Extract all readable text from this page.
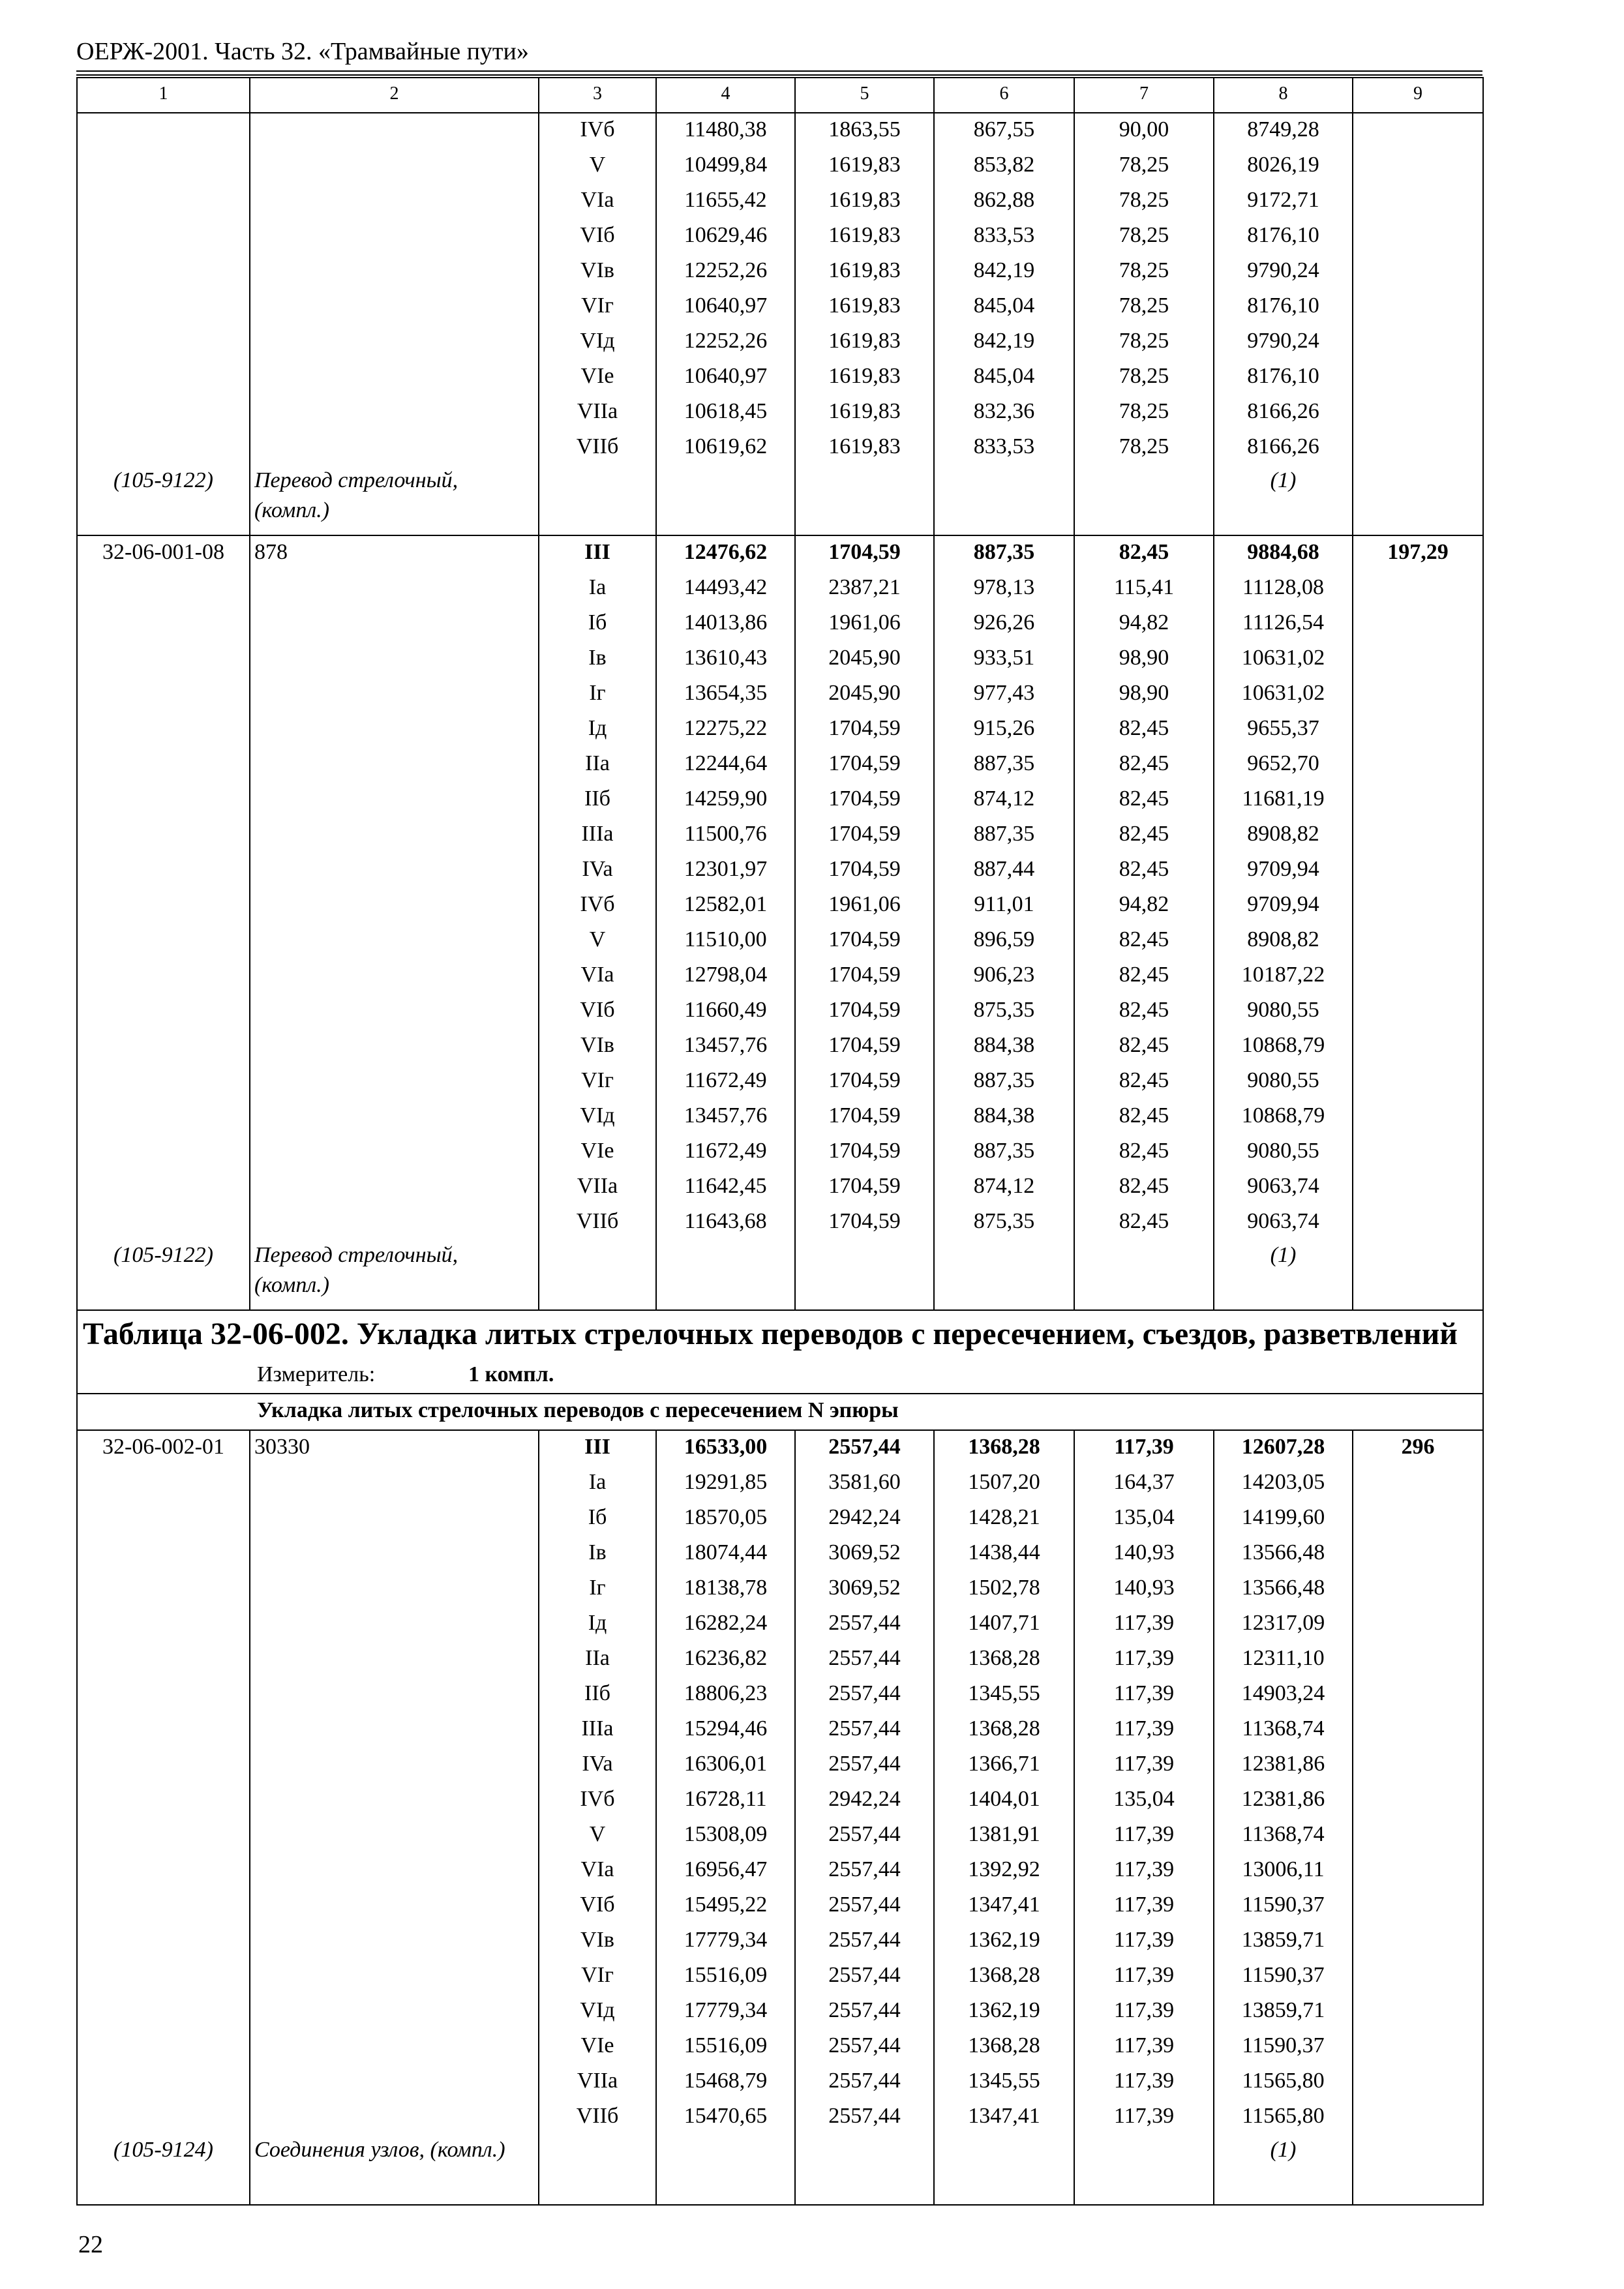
ОЕРЖ-2001. Часть 32. «Трамвайные пути»
1	2	3	4	5	6	7	8	9
		IVб	11480,38	1863,55	867,55	90,00	8749,28	
		V	10499,84	1619,83	853,82	78,25	8026,19	
		VIa	11655,42	1619,83	862,88	78,25	9172,71	
		VIб	10629,46	1619,83	833,53	78,25	8176,10	
		VIв	12252,26	1619,83	842,19	78,25	9790,24	
		VIг	10640,97	1619,83	845,04	78,25	8176,10	
		VIд	12252,26	1619,83	842,19	78,25	9790,24	
		VIe	10640,97	1619,83	845,04	78,25	8176,10	
		VIIa	10618,45	1619,83	832,36	78,25	8166,26	
		VIIб	10619,62	1619,83	833,53	78,25	8166,26	
(105-9122)	Перевод стрелочный, (компл.)						(1)	
32-06-001-08	878	III	12476,62	1704,59	887,35	82,45	9884,68	197,29
		Ia	14493,42	2387,21	978,13	115,41	11128,08	
		Iб	14013,86	1961,06	926,26	94,82	11126,54	
		Iв	13610,43	2045,90	933,51	98,90	10631,02	
		Iг	13654,35	2045,90	977,43	98,90	10631,02	
		Iд	12275,22	1704,59	915,26	82,45	9655,37	
		IIa	12244,64	1704,59	887,35	82,45	9652,70	
		IIб	14259,90	1704,59	874,12	82,45	11681,19	
		IIIa	11500,76	1704,59	887,35	82,45	8908,82	
		IVa	12301,97	1704,59	887,44	82,45	9709,94	
		IVб	12582,01	1961,06	911,01	94,82	9709,94	
		V	11510,00	1704,59	896,59	82,45	8908,82	
		VIa	12798,04	1704,59	906,23	82,45	10187,22	
		VIб	11660,49	1704,59	875,35	82,45	9080,55	
		VIв	13457,76	1704,59	884,38	82,45	10868,79	
		VIг	11672,49	1704,59	887,35	82,45	9080,55	
		VIд	13457,76	1704,59	884,38	82,45	10868,79	
		VIe	11672,49	1704,59	887,35	82,45	9080,55	
		VIIa	11642,45	1704,59	874,12	82,45	9063,74	
		VIIб	11643,68	1704,59	875,35	82,45	9063,74	
(105-9122)	Перевод стрелочный, (компл.)						(1)	

Таблица 32-06-002. Укладка литых стрелочных переводов с пересечением, съездов, разветвлений
Измеритель: 1 компл.								

Укладка литых стрелочных переводов с пересечением N эпюры								
32-06-002-01	30330	III	16533,00	2557,44	1368,28	117,39	12607,28	296
		Ia	19291,85	3581,60	1507,20	164,37	14203,05	
		Iб	18570,05	2942,24	1428,21	135,04	14199,60	
		Iв	18074,44	3069,52	1438,44	140,93	13566,48	
		Iг	18138,78	3069,52	1502,78	140,93	13566,48	
		Iд	16282,24	2557,44	1407,71	117,39	12317,09	
		IIa	16236,82	2557,44	1368,28	117,39	12311,10	
		IIб	18806,23	2557,44	1345,55	117,39	14903,24	
		IIIa	15294,46	2557,44	1368,28	117,39	11368,74	
		IVa	16306,01	2557,44	1366,71	117,39	12381,86	
		IVб	16728,11	2942,24	1404,01	135,04	12381,86	
		V	15308,09	2557,44	1381,91	117,39	11368,74	
		VIa	16956,47	2557,44	1392,92	117,39	13006,11	
		VIб	15495,22	2557,44	1347,41	117,39	11590,37	
		VIв	17779,34	2557,44	1362,19	117,39	13859,71	
		VIг	15516,09	2557,44	1368,28	117,39	11590,37	
		VIд	17779,34	2557,44	1362,19	117,39	13859,71	
		VIe	15516,09	2557,44	1368,28	117,39	11590,37	
		VIIa	15468,79	2557,44	1345,55	117,39	11565,80	
		VIIб	15470,65	2557,44	1347,41	117,39	11565,80	
(105-9124)	Соединения узлов, (компл.)						(1)	
22
